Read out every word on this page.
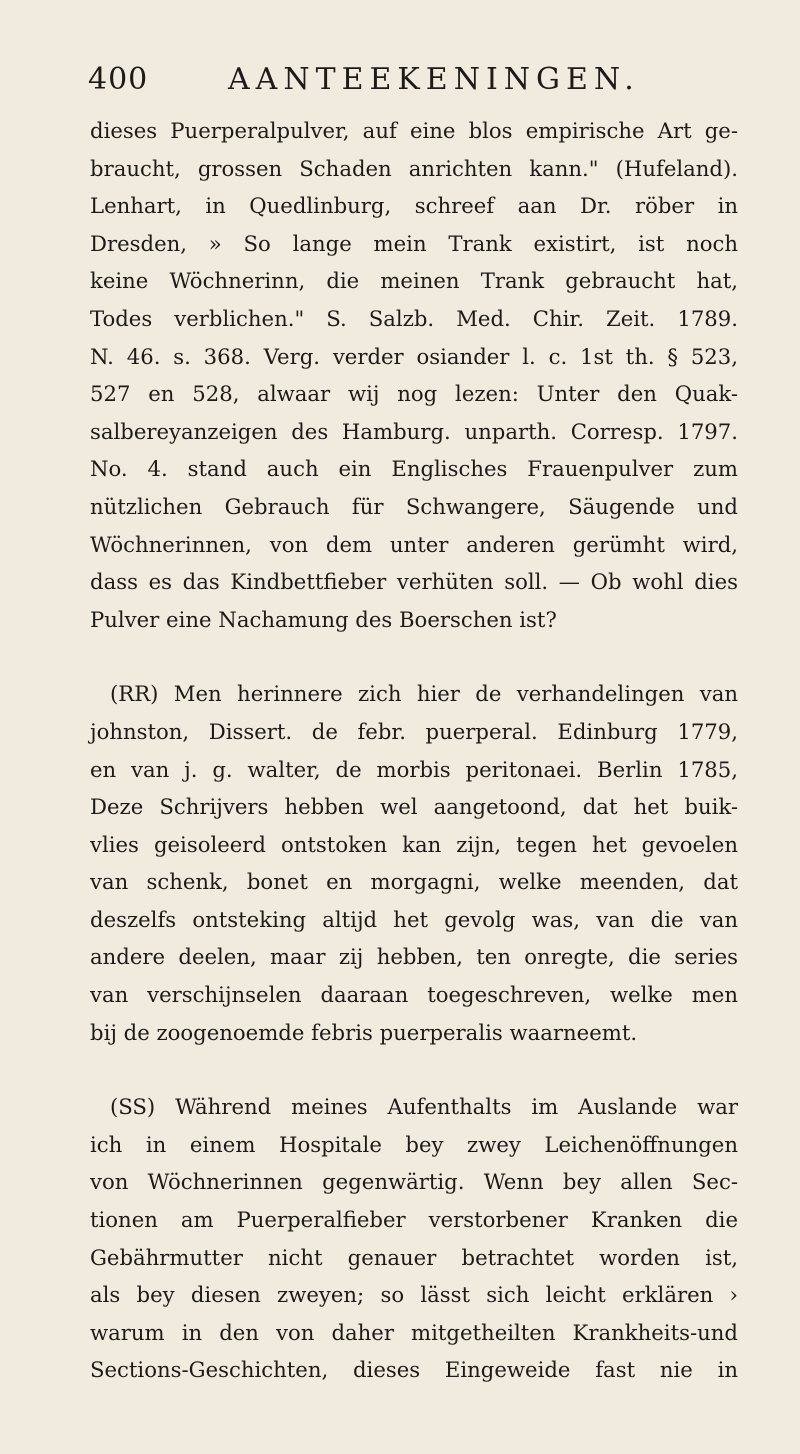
400	AANTEEKENINGEN.
dieses Puerperalpulver, auf eine blos empirische Art ge-
braucht, grossen Schaden anrichten kann." (Hufeland).
Lenhart, in Quedlinburg, schreef aan Dr. röber in
Dresden, » So lange mein Trank existirt, ist noch
keine Wöchnerinn, die meinen Trank gebraucht hat,
Todes verblichen." S. Salzb. Med. Chir. Zeit. 1789.
N. 46. s. 368. Verg. verder osiander l. c. 1st th. § 523,
527 en 528, alwaar wij nog lezen: Unter den Quak-
salbereyanzeigen des Hamburg. unparth. Corresp. 1797.
No. 4. stand auch ein Englisches Frauenpulver zum
nützlichen Gebrauch für Schwangere, Säugende und
Wöchnerinnen, von dem unter anderen gerümht wird,
dass es das Kindbettfieber verhüten soll. — Ob wohl dies
Pulver eine Nachamung des Boerschen ist?
(RR) Men herinnere zich hier de verhandelingen van
johnston, Dissert. de febr. puerperal. Edinburg 1779,
en van j. g. walter, de morbis peritonaei. Berlin 1785,
Deze Schrijvers hebben wel aangetoond, dat het buik-
vlies geisoleerd ontstoken kan zijn, tegen het gevoelen
van schenk, bonet en morgagni, welke meenden, dat
deszelfs ontsteking altijd het gevolg was, van die van
andere deelen, maar zij hebben, ten onregte, die series
van verschijnselen daaraan toegeschreven, welke men
bij de zoogenoemde febris puerperalis waarneemt.
(SS) Während meines Aufenthalts im Auslande war
ich in einem Hospitale bey zwey Leichenöffnungen
von Wöchnerinnen gegenwärtig. Wenn bey allen Sec-
tionen am Puerperalfieber verstorbener Kranken die
Gebährmutter nicht genauer betrachtet worden ist,
als bey diesen zweyen; so lässt sich leicht erklären ›
warum in den von daher mitgetheilten Krankheits-und
Sections-Geschichten, dieses Eingeweide fast nie in
